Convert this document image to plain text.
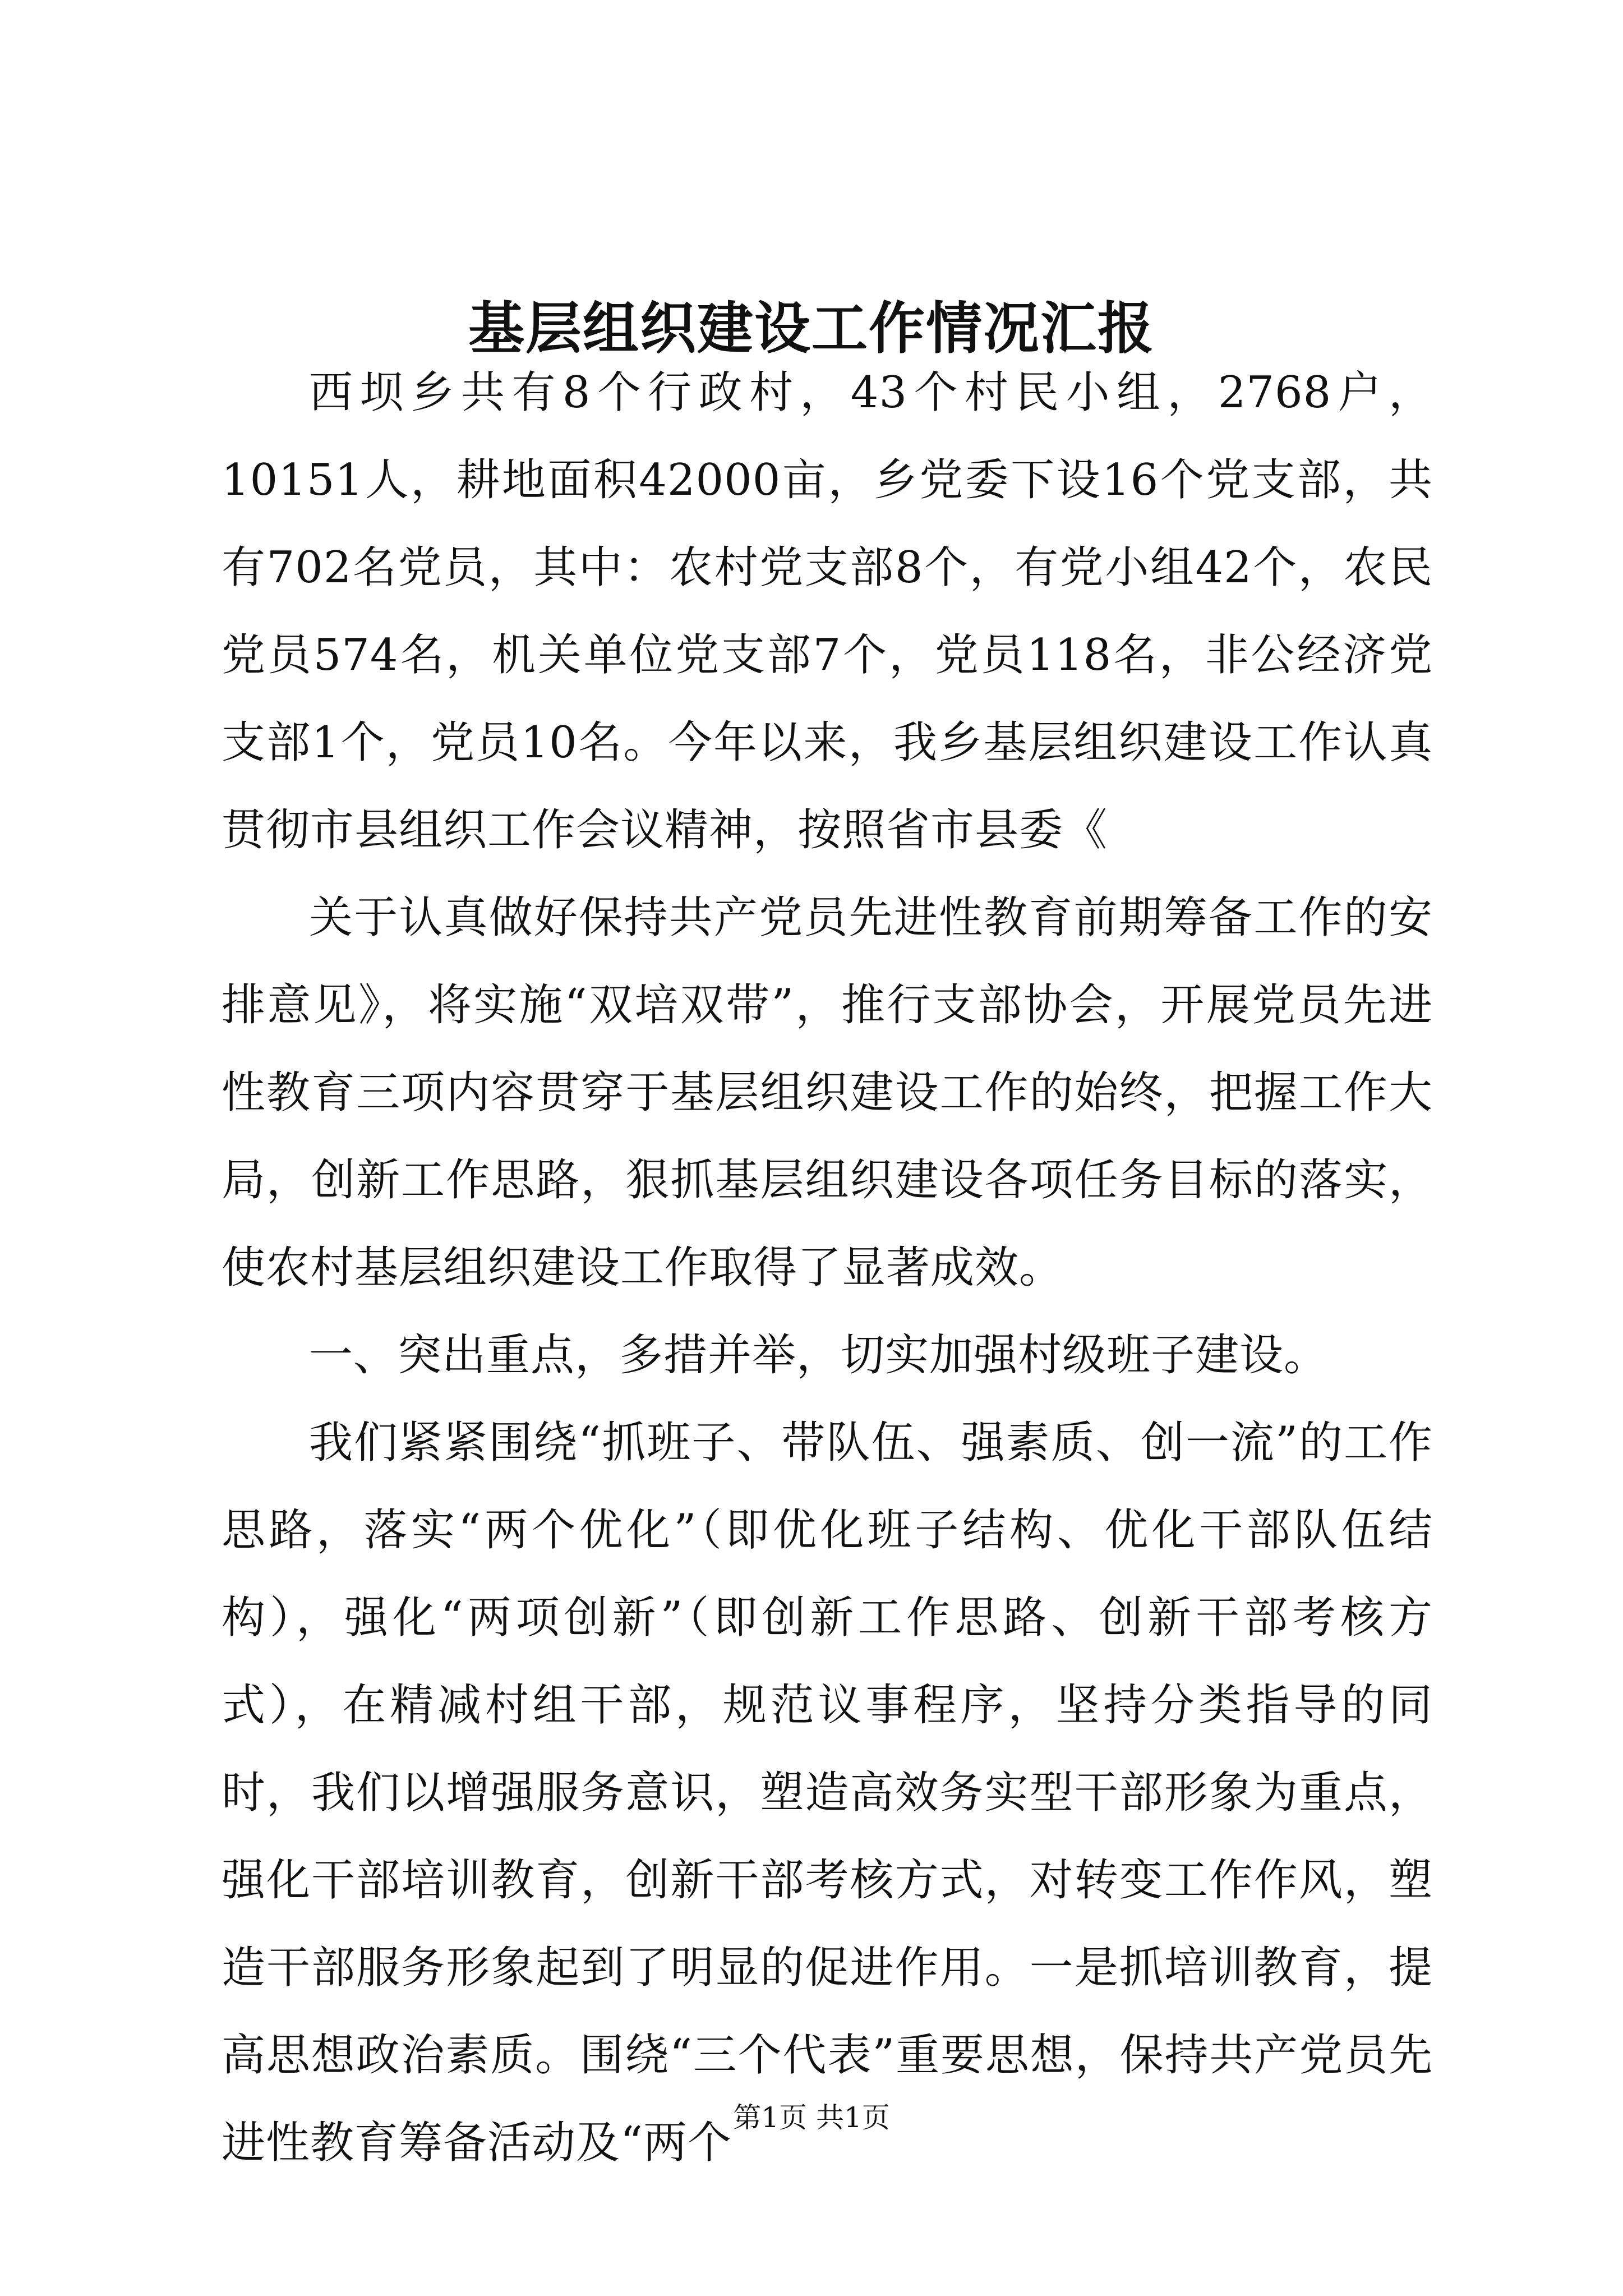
基层组织建设工作情况汇报

西坝乡共有8个行政村，43个村民小组，2768户，10151人，耕地面积42000亩，乡党委下设16个党支部，共有702名党员，其中：农村党支部8个，有党小组42个，农民党员574名，机关单位党支部7个，党员118名，非公经济党支部1个，党员10名。今年以来，我乡基层组织建设工作认真贯彻市县组织工作会议精神，按照省市县委《

关于认真做好保持共产党员先进性教育前期筹备工作的安排意见》，将实施“双培双带”，推行支部协会，开展党员先进性教育三项内容贯穿于基层组织建设工作的始终，把握工作大局，创新工作思路，狠抓基层组织建设各项任务目标的落实，使农村基层组织建设工作取得了显著成效。

一、突出重点，多措并举，切实加强村级班子建设。

我们紧紧围绕“抓班子、带队伍、强素质、创一流”的工作思路，落实“两个优化”（即优化班子结构、优化干部队伍结构），强化“两项创新”（即创新工作思路、创新干部考核方式），在精减村组干部，规范议事程序，坚持分类指导的同时，我们以增强服务意识，塑造高效务实型干部形象为重点，强化干部培训教育，创新干部考核方式，对转变工作作风，塑造干部服务形象起到了明显的促进作用。一是抓培训教育，提高思想政治素质。围绕“三个代表”重要思想，保持共产党员先进性教育筹备活动及“两个 第1页 共1页
